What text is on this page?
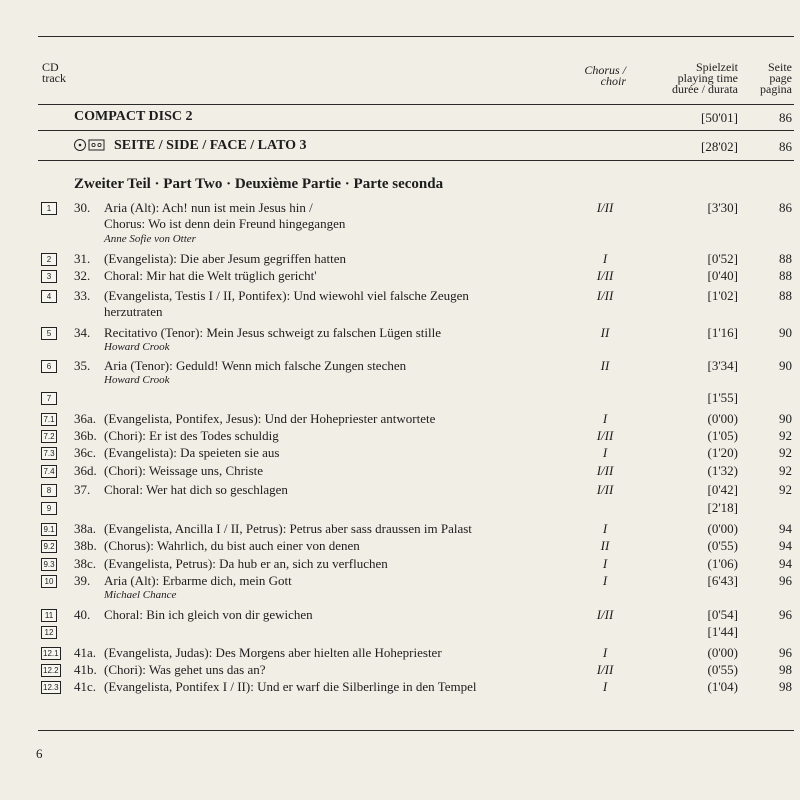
CD
track
Chorus /
choir
Spielzeit
playing time
durée / durata
Seite
page
pagina
COMPACT DISC 2	[50'01]	86
SEITE / SIDE / FACE / LATO 3	[28'02]	86
Zweiter Teil · Part Two · Deuxième Partie · Parte seconda
1	30. Aria (Alt): Ach! nun ist mein Jesus hin /
Chorus: Wo ist denn dein Freund hingegangen
Anne Sofie von Otter
I/II	[3'30]	86
2	31. (Evangelista): Die aber Jesum gegriffen hatten	I	[0'52]	88
3	32. Choral: Mir hat die Welt trüglich gericht'	I/II	[0'40]	88
4	33. (Evangelista, Testis I / II, Pontifex): Und wiewohl viel falsche Zeugen
herzutraten
I/II	[1'02]	88
5	34. Recitativo (Tenor): Mein Jesus schweigt zu falschen Lügen stille
Howard Crook
II	[1'16]	90
6	35. Aria (Tenor): Geduld! Wenn mich falsche Zungen stechen
Howard Crook
II	[3'34]	90
7	[1'55]
7.1 36a. (Evangelista, Pontifex, Jesus): Und der Hohepriester antwortete	I	(0'00)	90
7.2 36b. (Chori): Er ist des Todes schuldig	I/II	(1'05)	92
7.3 36c. (Evangelista): Da speieten sie aus	I	(1'20)	92
7.4 36d. (Chori): Weissage uns, Christe	I/II	(1'32)	92
8	37. Choral: Wer hat dich so geschlagen	I/II	[0'42]	92
9	[2'18]
9.1 38a. (Evangelista, Ancilla I / II, Petrus): Petrus aber sass draussen im Palast	I	(0'00)	94
9.2 38b. (Chorus): Wahrlich, du bist auch einer von denen	II	(0'55)	94
9.3 38c. (Evangelista, Petrus): Da hub er an, sich zu verfluchen	I	(1'06)	94
10 39. Aria (Alt): Erbarme dich, mein Gott
Michael Chance
I	[6'43]	96
11 40. Choral: Bin ich gleich von dir gewichen	I/II	[0'54]	96
12	[1'44]
12.1 41a. (Evangelista, Judas): Des Morgens aber hielten alle Hohepriester	I	(0'00)	96
12.2 41b. (Chori): Was gehet uns das an?	I/II	(0'55)	98
12.3 41c. (Evangelista, Pontifex I / II): Und er warf die Silberlinge in den Tempel	I	(1'04)	98
6
